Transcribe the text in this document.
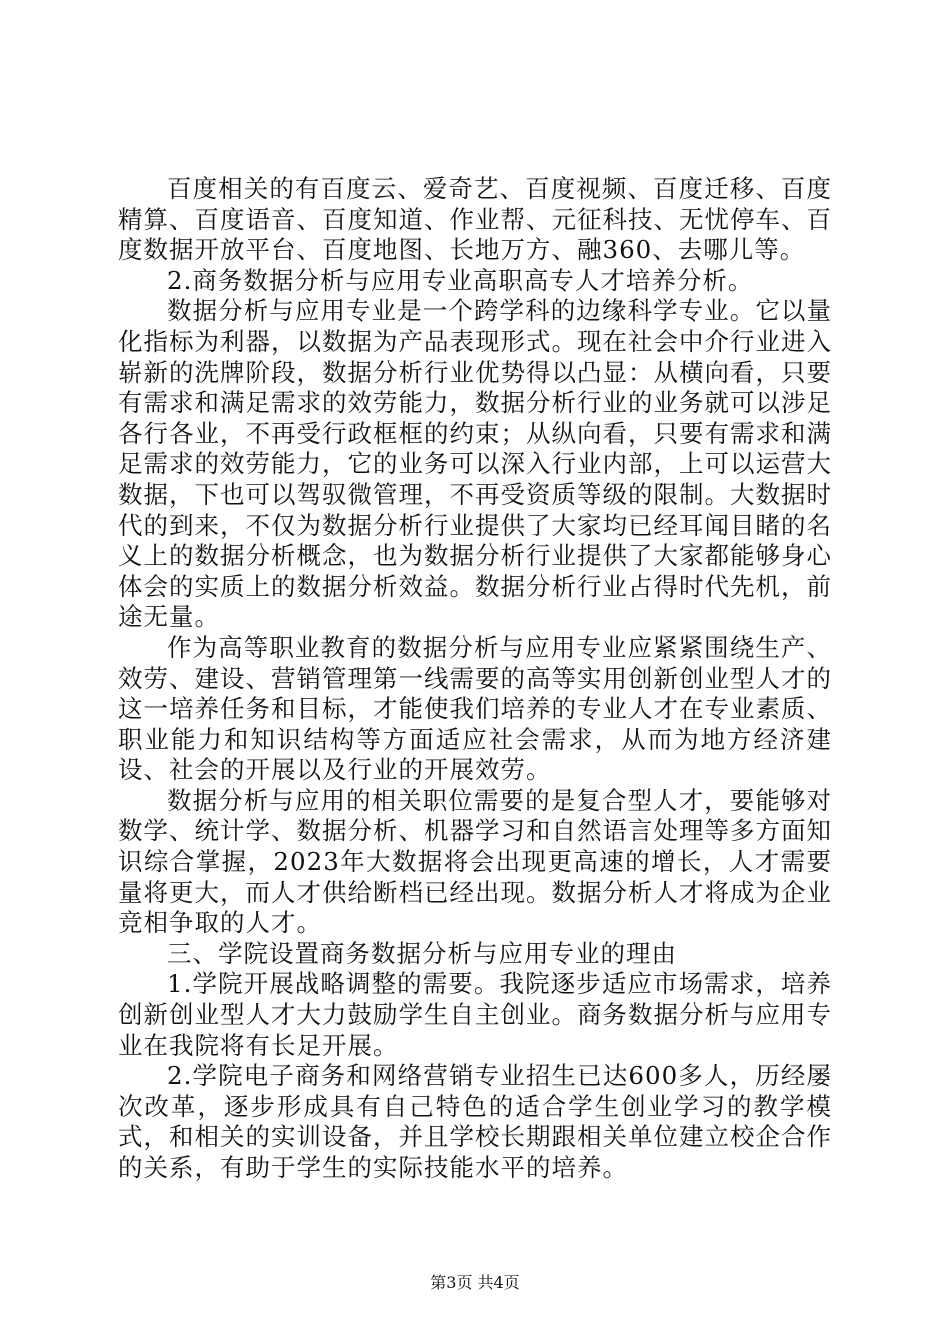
百度相关的有百度云、爱奇艺、百度视频、百度迁移、百度精算、百度语音、百度知道、作业帮、元征科技、无忧停车、百度数据开放平台、百度地图、长地万方、融360、去哪儿等。

2.商务数据分析与应用专业高职高专人才培养分析。

数据分析与应用专业是一个跨学科的边缘科学专业。它以量化指标为利器，以数据为产品表现形式。现在社会中介行业进入崭新的洗牌阶段，数据分析行业优势得以凸显：从横向看，只要有需求和满足需求的效劳能力，数据分析行业的业务就可以涉足各行各业，不再受行政框框的约束；从纵向看，只要有需求和满足需求的效劳能力，它的业务可以深入行业内部，上可以运营大数据，下也可以驾驭微管理，不再受资质等级的限制。大数据时代的到来，不仅为数据分析行业提供了大家均已经耳闻目睹的名义上的数据分析概念，也为数据分析行业提供了大家都能够身心体会的实质上的数据分析效益。数据分析行业占得时代先机，前途无量。

作为高等职业教育的数据分析与应用专业应紧紧围绕生产、效劳、建设、营销管理第一线需要的高等实用创新创业型人才的这一培养任务和目标，才能使我们培养的专业人才在专业素质、职业能力和知识结构等方面适应社会需求，从而为地方经济建设、社会的开展以及行业的开展效劳。

数据分析与应用的相关职位需要的是复合型人才，要能够对数学、统计学、数据分析、机器学习和自然语言处理等多方面知识综合掌握，2023年大数据将会出现更高速的增长，人才需要量将更大，而人才供给断档已经出现。数据分析人才将成为企业竞相争取的人才。

三、学院设置商务数据分析与应用专业的理由

1.学院开展战略调整的需要。我院逐步适应市场需求，培养创新创业型人才大力鼓励学生自主创业。商务数据分析与应用专业在我院将有长足开展。

2.学院电子商务和网络营销专业招生已达600多人，历经屡次改革，逐步形成具有自己特色的适合学生创业学习的教学模式，和相关的实训设备，并且学校长期跟相关单位建立校企合作的关系，有助于学生的实际技能水平的培养。

第3页 共4页
